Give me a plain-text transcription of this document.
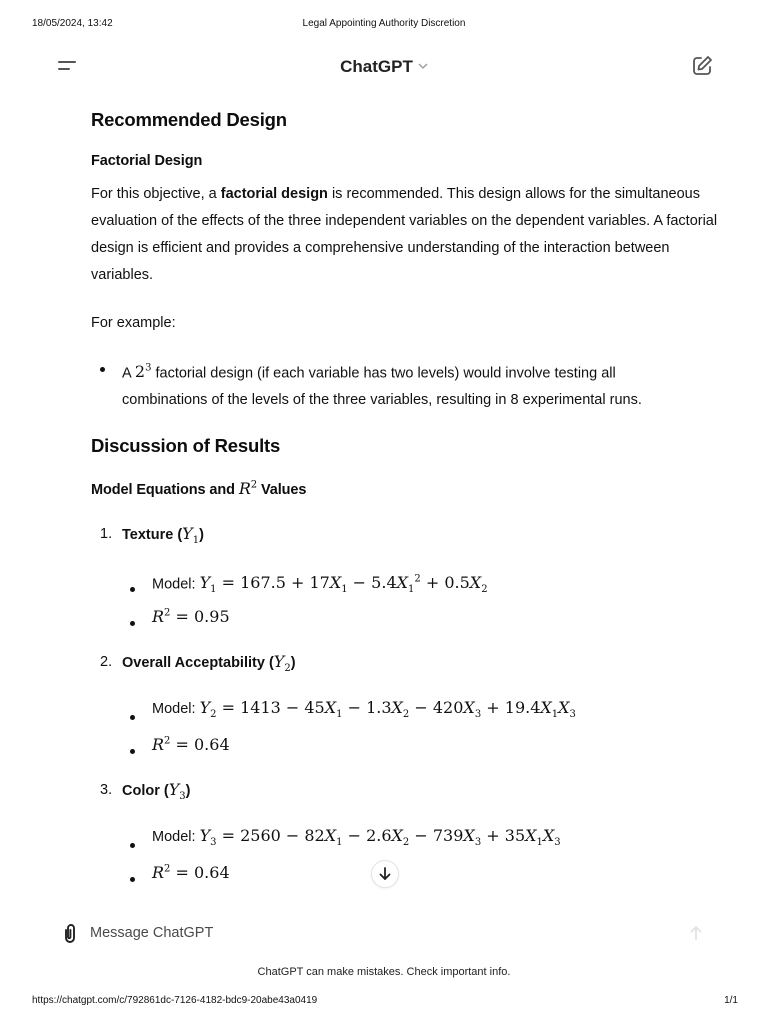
18/05/2024, 13:42	Legal Appointing Authority Discretion
ChatGPT
Recommended Design
Factorial Design

For this objective, a factorial design is recommended. This design allows for the simultaneous evaluation of the effects of the three independent variables on the dependent variables. A factorial design is efficient and provides a comprehensive understanding of the interaction between variables.

For example:

A $2^3$ factorial design (if each variable has two levels) would involve testing all
combinations of the levels of the three variables, resulting in 8 experimental runs.
Discussion of Results
Model Equations and $R^2$ Values
1. Texture $(Y_1)$
Model: $Y_1 = 167.5 + 17X_1 - 5.4X_1^2 + 0.5X_2$
$R^2 = 0.95$
2. Overall Acceptability $(Y_2)$
Model: $Y_2 = 1413 - 45X_1 - 1.3X_2 - 420X_3 + 19.4X_1X_3$
$R^2 = 0.64$
3. Color $(Y_3)$
Model: $Y_3 = 2560 - 82X_1 - 2.6X_2 - 739X_3 + 35X_1X_3$
$R^2 = 0.64$
Message ChatGPT
ChatGPT can make mistakes. Check important info.
https://chatgpt.com/c/792861dc-7126-4182-bdc9-20abe43a0419	1/1
